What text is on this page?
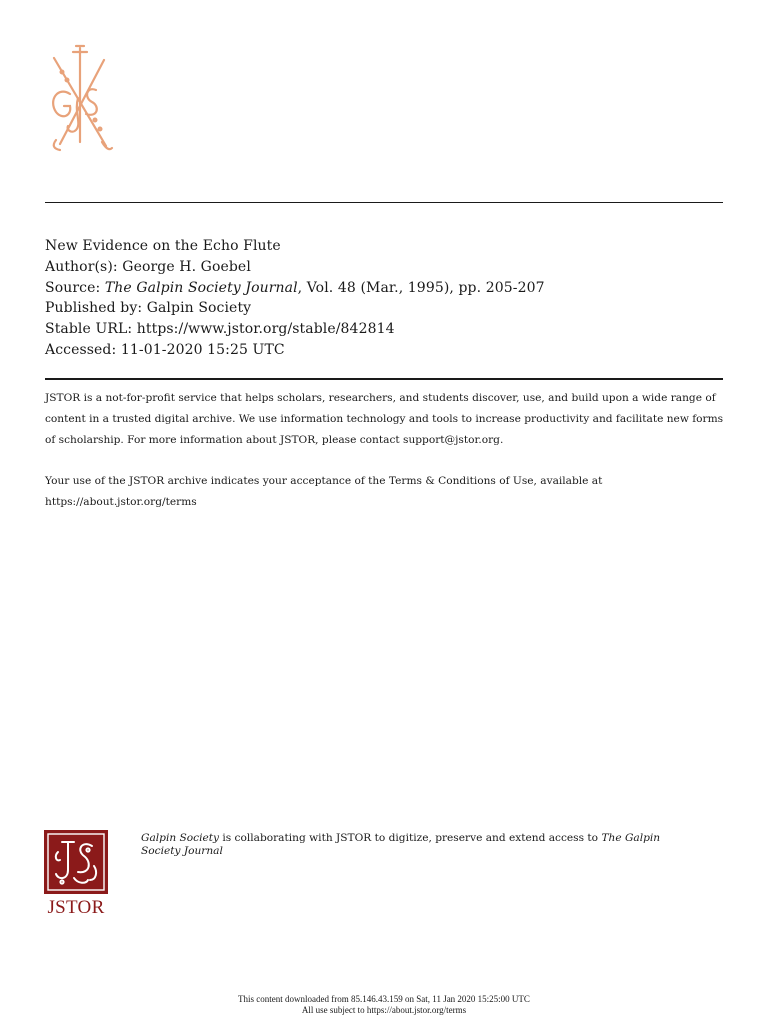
New Evidence on the Echo Flute
Author(s): George H. Goebel
Source: The Galpin Society Journal, Vol. 48 (Mar., 1995), pp. 205-207
Published by: Galpin Society
Stable URL: https://www.jstor.org/stable/842814
Accessed: 11-01-2020 15:25 UTC

JSTOR is a not-for-profit service that helps scholars, researchers, and students discover, use, and build upon a wide range of content in a trusted digital archive. We use information technology and tools to increase productivity and facilitate new forms of scholarship. For more information about JSTOR, please contact support@jstor.org.

Your use of the JSTOR archive indicates your acceptance of the Terms & Conditions of Use, available at https://about.jstor.org/terms

JSTOR
Galpin Society is collaborating with JSTOR to digitize, preserve and extend access to The Galpin Society Journal
This content downloaded from 85.146.43.159 on Sat, 11 Jan 2020 15:25:00 UTC
All use subject to https://about.jstor.org/terms
